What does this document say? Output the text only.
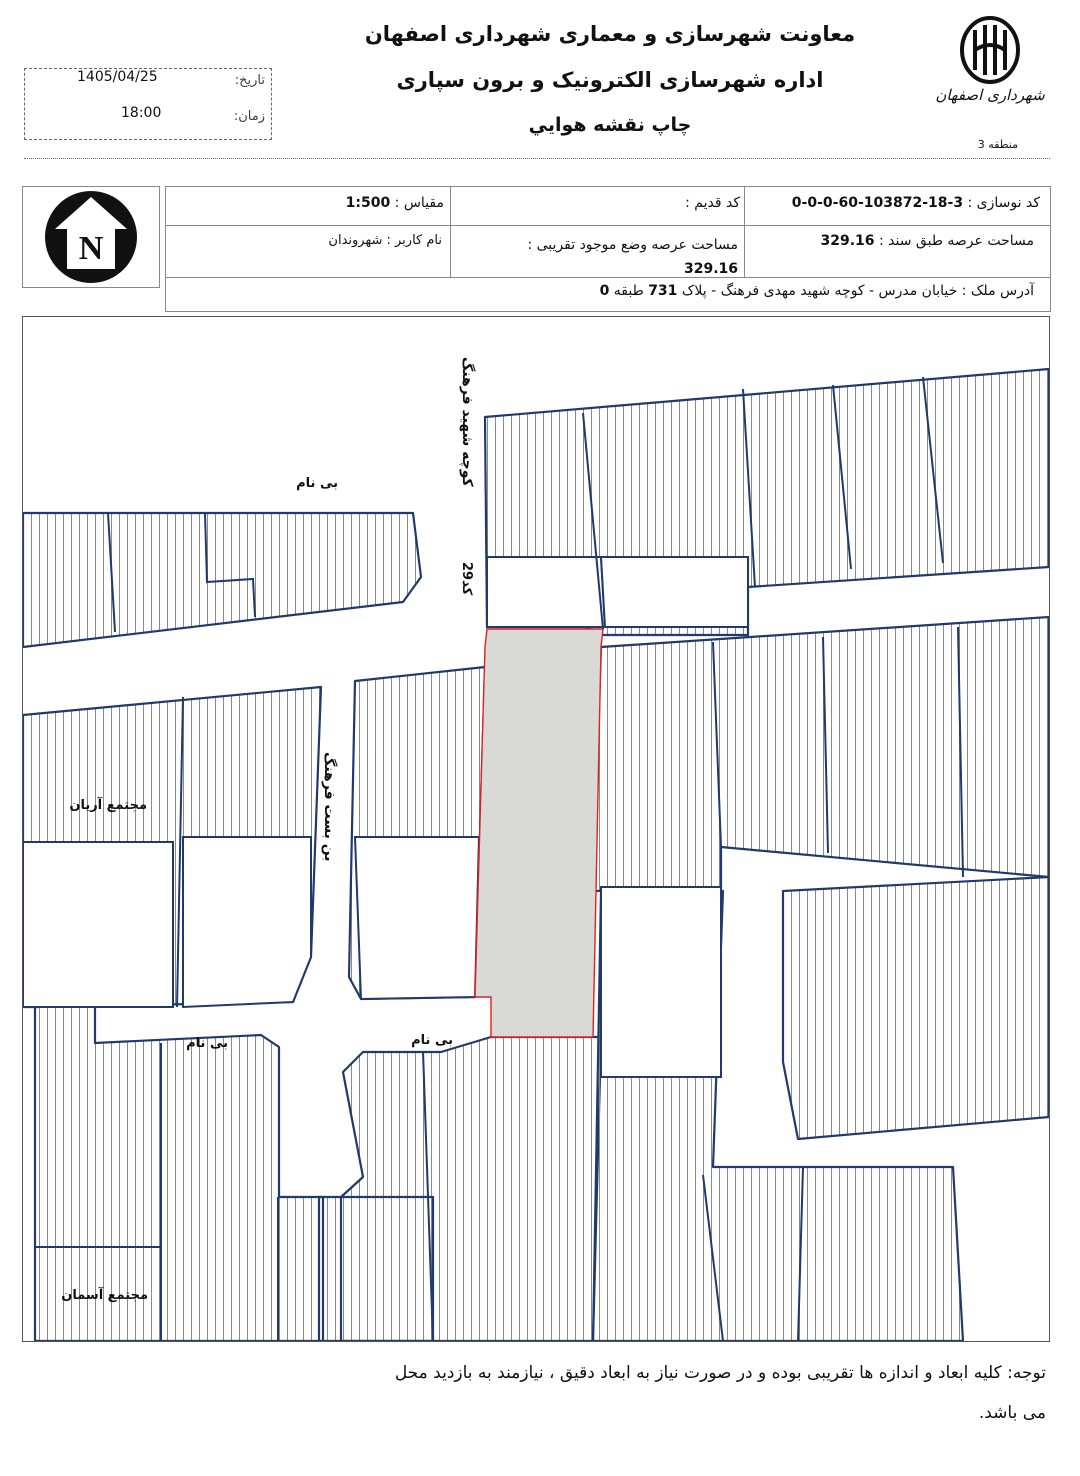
شهرداری اصفهان
منطقه 3
معاونت شهرسازی و معماری شهرداری اصفهان
اداره شهرسازی الکترونیک و برون سپاری
چاپ نقشه هوايي
تاریخ:
1405/04/25
زمان:
18:00
N
کد نوسازی : 3-18-103872-60-0-0-0
کد قدیم :
مقیاس : 1:500
مساحت عرصه طبق سند : 329.16
مساحت عرصه وضع موجود تقریبی :
329.16
نام کاربر : شهروندان
آدرس ملک : خیابان مدرس - کوچه شهید مهدی فرهنگ - پلاک 731 طبقه 0
کوچه شهید فرهنگ
کد29
بی نام
بن بست فرهنگ
مجتمع آریان
بی نام	بی نام
مجتمع آسمان
توجه: کلیه ابعاد و اندازه ها تقریبی بوده و در صورت نیاز به ابعاد دقیق ، نیازمند به بازدید محل
می باشد.
